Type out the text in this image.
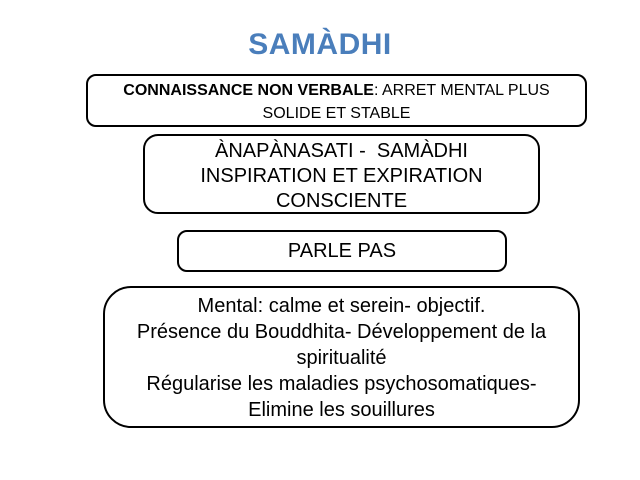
SAMÀDHI
CONNAISSANCE NON VERBALE: ARRET MENTAL PLUS
SOLIDE ET STABLE
ÀNAPÀNASATI -  SAMÀDHI
INSPIRATION ET EXPIRATION
CONSCIENTE
PARLE PAS
Mental: calme et serein- objectif.
Présence du Bouddhita- Développement de la
spiritualité
Régularise les maladies psychosomatiques-
Elimine les souillures
